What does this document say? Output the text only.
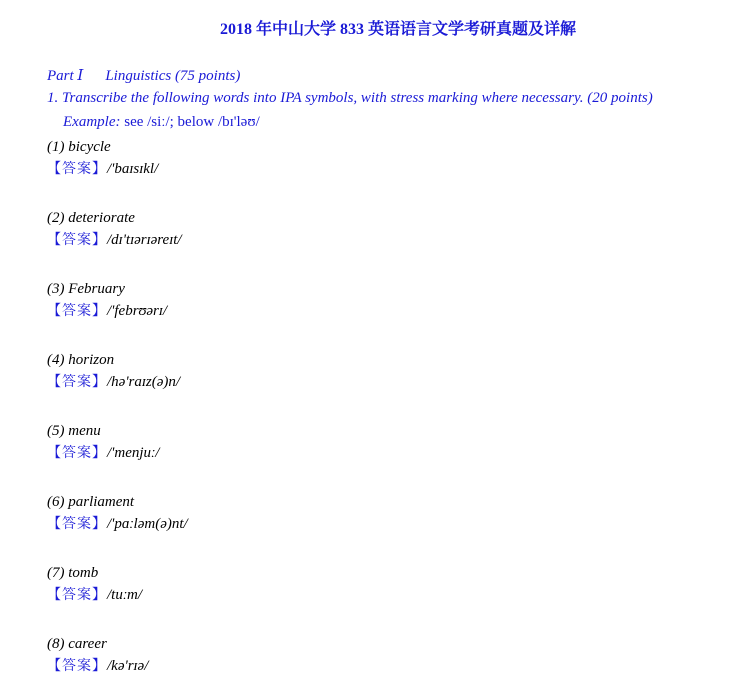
2018 年中山大学 833 英语语言文学考研真题及详解
Part Ⅰ Linguistics (75 points)
1. Transcribe the following words into IPA symbols, with stress marking where necessary. (20 points)
Example: see /siː/; below /bɪ'ləʊ/
(1) bicycle
【答案】/'baɪsɪkl/
(2) deteriorate
【答案】/dɪ'tɪərɪəreɪt/
(3) February
【答案】/'febrʊərɪ/
(4) horizon
【答案】/hə'raɪz(ə)n/
(5) menu
【答案】/'menjuː/
(6) parliament
【答案】/'pɑːləm(ə)nt/
(7) tomb
【答案】/tuːm/
(8) career
【答案】/kə'rɪə/
